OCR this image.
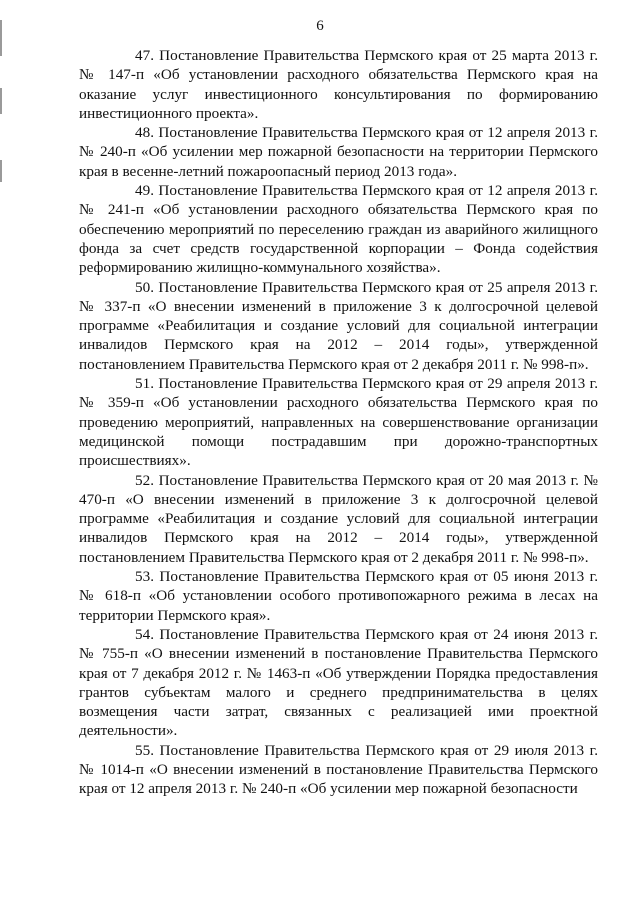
6

47. Постановление Правительства Пермского края от 25 марта 2013 г. № 147-п «Об установлении расходного обязательства Пермского края на оказание услуг инвестиционного консультирования по формированию инвестиционного проекта».

48. Постановление Правительства Пермского края от 12 апреля 2013 г. № 240-п «Об усилении мер пожарной безопасности на территории Пермского края в весенне-летний пожароопасный период 2013 года».

49. Постановление Правительства Пермского края от 12 апреля 2013 г. № 241-п «Об установлении расходного обязательства Пермского края по обеспечению мероприятий по переселению граждан из аварийного жилищного фонда за счет средств государственной корпорации – Фонда содействия реформированию жилищно-коммунального хозяйства».

50. Постановление Правительства Пермского края от 25 апреля 2013 г. № 337-п «О внесении изменений в приложение 3 к долгосрочной целевой программе «Реабилитация и создание условий для социальной интеграции инвалидов Пермского края на 2012 – 2014 годы», утвержденной постановлением Правительства Пермского края от 2 декабря 2011 г. № 998-п».

51. Постановление Правительства Пермского края от 29 апреля 2013 г. № 359-п «Об установлении расходного обязательства Пермского края по проведению мероприятий, направленных на совершенствование организации медицинской помощи пострадавшим при дорожно-транспортных происшествиях».

52. Постановление Правительства Пермского края от 20 мая 2013 г. № 470-п «О внесении изменений в приложение 3 к долгосрочной целевой программе «Реабилитация и создание условий для социальной интеграции инвалидов Пермского края на 2012 – 2014 годы», утвержденной постановлением Правительства Пермского края от 2 декабря 2011 г. № 998-п».

53. Постановление Правительства Пермского края от 05 июня 2013 г. № 618-п «Об установлении особого противопожарного режима в лесах на территории Пермского края».

54. Постановление Правительства Пермского края от 24 июня 2013 г. № 755-п «О внесении изменений в постановление Правительства Пермского края от 7 декабря 2012 г. № 1463-п «Об утверждении Порядка предоставления грантов субъектам малого и среднего предпринимательства в целях возмещения части затрат, связанных с реализацией ими проектной деятельности».

55. Постановление Правительства Пермского края от 29 июля 2013 г. № 1014-п «О внесении изменений в постановление Правительства Пермского края от 12 апреля 2013 г. № 240-п «Об усилении мер пожарной безопасности
